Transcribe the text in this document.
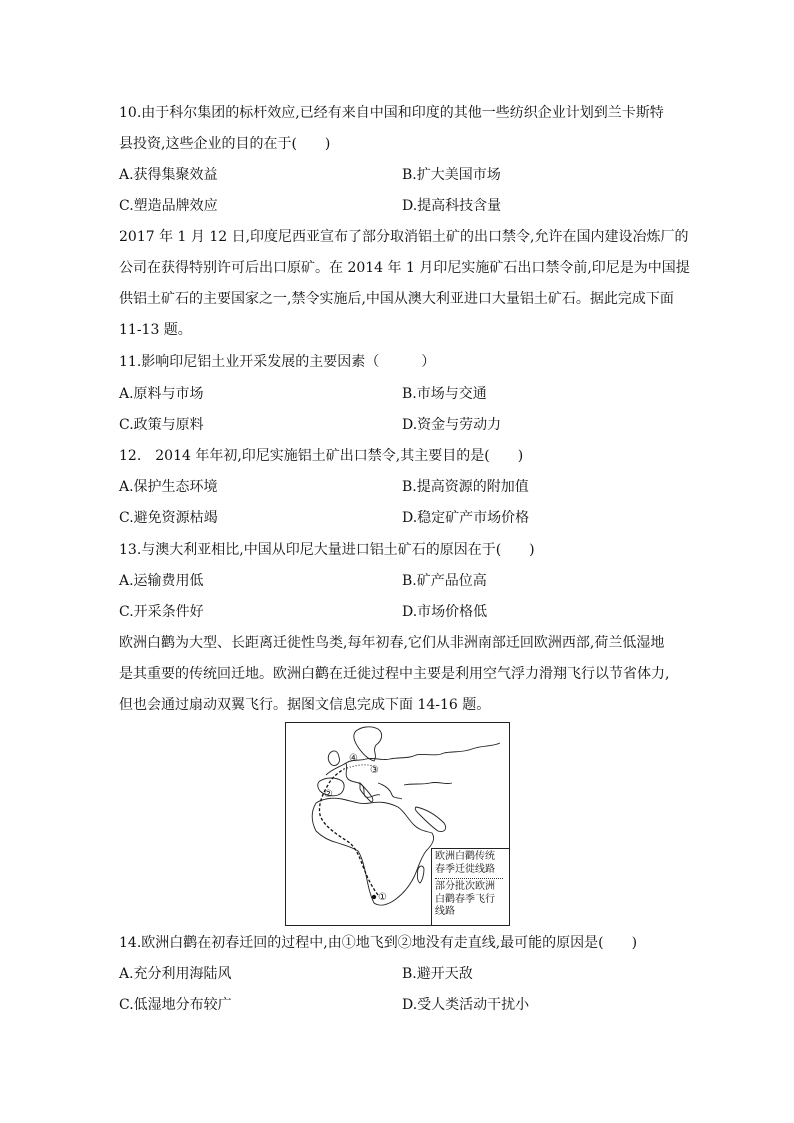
10.由于科尔集团的标杆效应,已经有来自中国和印度的其他一些纺织企业计划到兰卡斯特
县投资,这些企业的目的在于(　　)
A.获得集聚效益	B.扩大美国市场
C.塑造品牌效应	D.提高科技含量
2017 年 1 月 12 日,印度尼西亚宣布了部分取消铝土矿的出口禁令,允许在国内建设冶炼厂的
公司在获得特别许可后出口原矿。在 2014 年 1 月印尼实施矿石出口禁令前,印尼是为中国提
供铝土矿石的主要国家之一,禁令实施后,中国从澳大利亚进口大量铝土矿石。据此完成下面
11-13 题。
11.影响印尼铝土业开采发展的主要因素（　　　）
A.原料与市场	B.市场与交通
C.政策与原料	D.资金与劳动力
12.　2014 年年初,印尼实施铝土矿出口禁令,其主要目的是(　　)
A.保护生态环境	B.提高资源的附加值
C.避免资源枯竭	D.稳定矿产市场价格
13.与澳大利亚相比,中国从印尼大量进口铝土矿石的原因在于(　　)
A.运输费用低	B.矿产品位高
C.开采条件好	D.市场价格低
欧洲白鹳为大型、长距离迁徙性鸟类,每年初春,它们从非洲南部迁回欧洲西部,荷兰低湿地
是其重要的传统回迁地。欧洲白鹳在迁徙过程中主要是利用空气浮力滑翔飞行以节省体力,
但也会通过扇动双翼飞行。据图文信息完成下面 14-16 题。
①
②
③
④
欧洲白鹳传统
春季迁徙线路
部分批次欧洲
白鹳春季飞行
线路
14.欧洲白鹳在初春迁回的过程中,由①地飞到②地没有走直线,最可能的原因是(　　)
A.充分利用海陆风	B.避开天敌
C.低湿地分布较广	D.受人类活动干扰小
